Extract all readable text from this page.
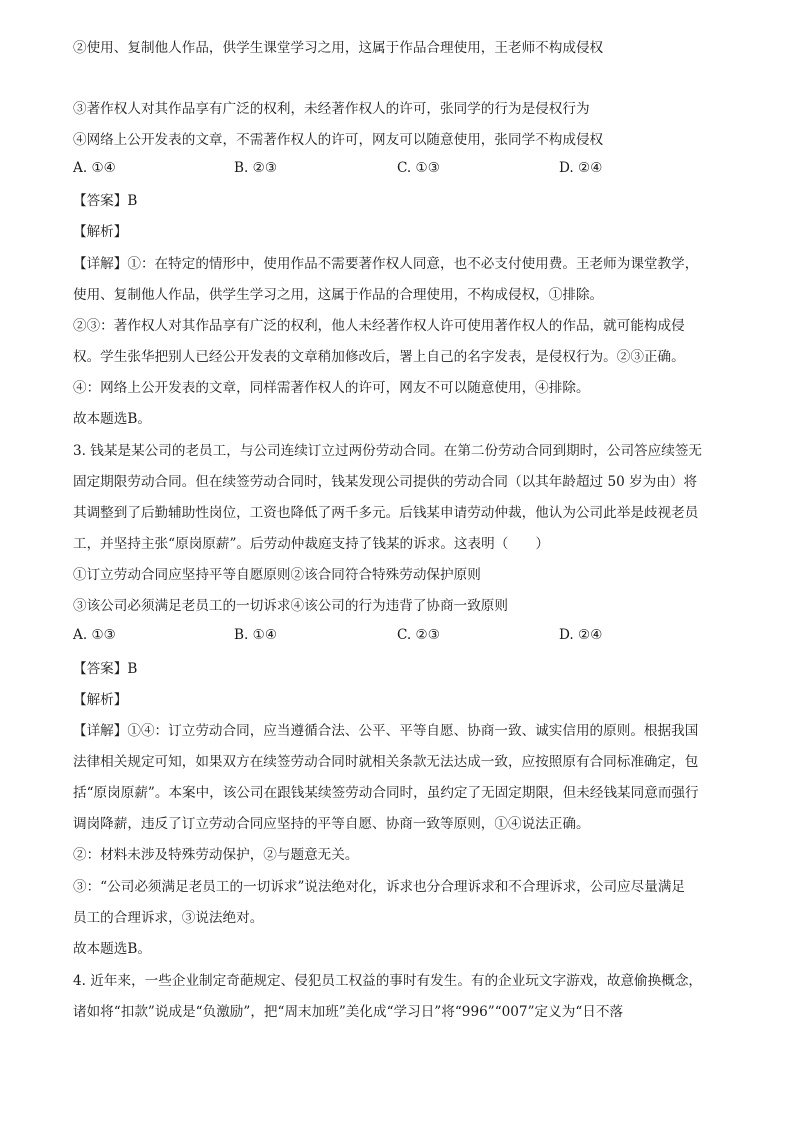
②使用、复制他人作品，供学生课堂学习之用，这属于作品合理使用，王老师不构成侵权
③著作权人对其作品享有广泛的权利，未经著作权人的许可，张同学的行为是侵权行为
④网络上公开发表的文章，不需著作权人的许可，网友可以随意使用，张同学不构成侵权
A. ①④	B. ②③	C. ①③	D. ②④
【答案】B
【解析】
【详解】①：在特定的情形中，使用作品不需要著作权人同意，也不必支付使用费。王老师为课堂教学，
使用、复制他人作品，供学生学习之用，这属于作品的合理使用，不构成侵权，①排除。
②③：著作权人对其作品享有广泛的权利，他人未经著作权人许可使用著作权人的作品，就可能构成侵
权。学生张华把别人已经公开发表的文章稍加修改后，署上自己的名字发表，是侵权行为。②③正确。
④：网络上公开发表的文章，同样需著作权人的许可，网友不可以随意使用，④排除。
故本题选B。
3. 钱某是某公司的老员工，与公司连续订立过两份劳动合同。在第二份劳动合同到期时，公司答应续签无
固定期限劳动合同。但在续签劳动合同时，钱某发现公司提供的劳动合同（以其年龄超过 50 岁为由）将
其调整到了后勤辅助性岗位，工资也降低了两千多元。后钱某申请劳动仲裁，他认为公司此举是歧视老员
工，并坚持主张“原岗原薪”。后劳动仲裁庭支持了钱某的诉求。这表明（　　）
①订立劳动合同应坚持平等自愿原则②该合同符合特殊劳动保护原则
③该公司必须满足老员工的一切诉求④该公司的行为违背了协商一致原则
A. ①③	B. ①④	C. ②③	D. ②④
【答案】B
【解析】
【详解】①④：订立劳动合同，应当遵循合法、公平、平等自愿、协商一致、诚实信用的原则。根据我国
法律相关规定可知，如果双方在续签劳动合同时就相关条款无法达成一致，应按照原有合同标准确定，包
括“原岗原薪”。本案中，该公司在跟钱某续签劳动合同时，虽约定了无固定期限，但未经钱某同意而强行
调岗降薪，违反了订立劳动合同应坚持的平等自愿、协商一致等原则，①④说法正确。
②：材料未涉及特殊劳动保护，②与题意无关。
③：“公司必须满足老员工的一切诉求”说法绝对化，诉求也分合理诉求和不合理诉求，公司应尽量满足
员工的合理诉求，③说法绝对。
故本题选B。
4. 近年来，一些企业制定奇葩规定、侵犯员工权益的事时有发生。有的企业玩文字游戏，故意偷换概念，
诸如将“扣款”说成是“负激励”，把“周末加班”美化成“学习日”将“996”“007”定义为“日不落
